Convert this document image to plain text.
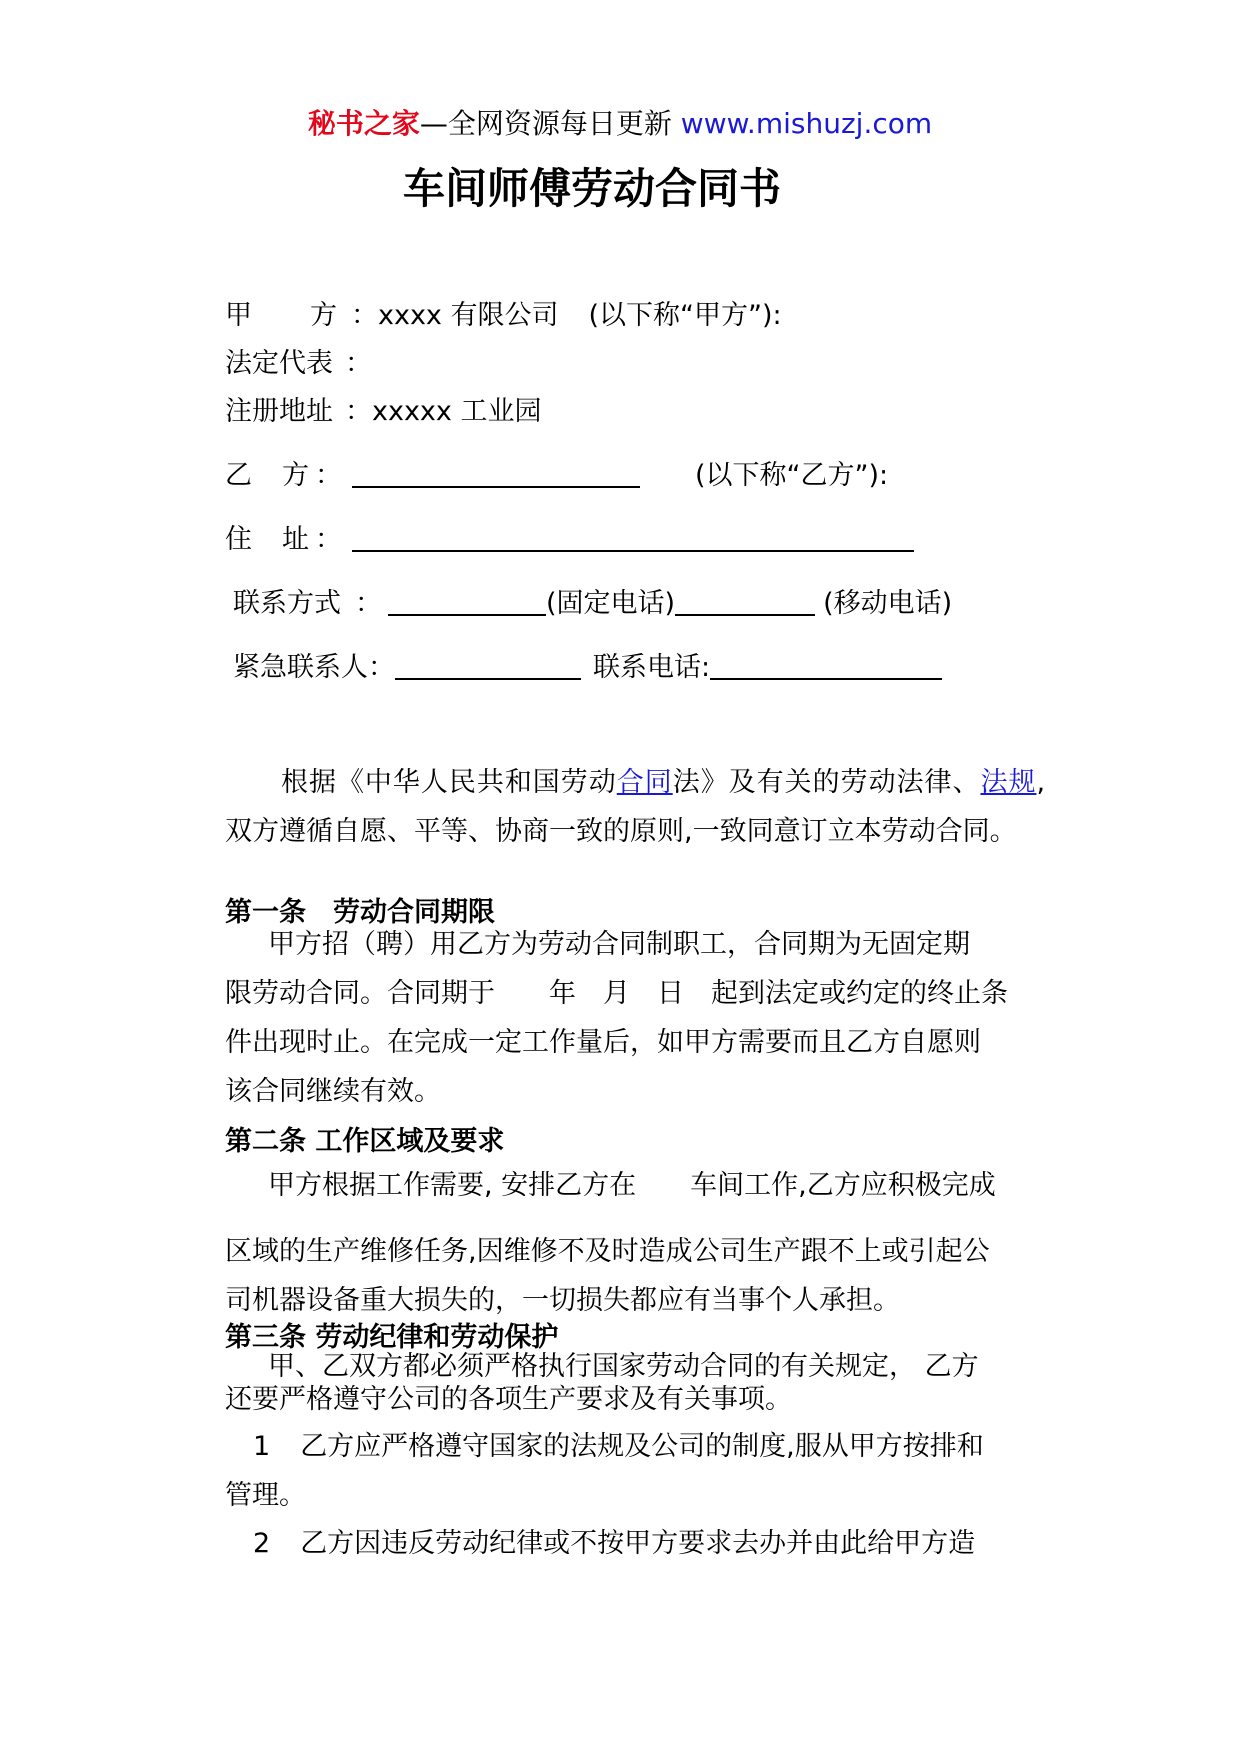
秘书之家—全网资源每日更新 www.mishuzj.com
车间师傅劳动合同书
甲 方 ：xxxx 有限公司 (以下称“甲方”):
法定代表 ：
注册地址 ：xxxxx 工业园
乙 方 ：	(以下称“乙方”):
住 址 ：
联系方式 ：	(固定电话)	(移动电话)
紧急联系人：	联系电话:
根据《中华人民共和国劳动合同法》及有关的劳动法律、法规, 双方遵循自愿、平等、协商一致的原则,一致同意订立本劳动合同。
第一条　劳动合同期限
甲方招（聘）用乙方为劳动合同制职工，合同期为无固定期
限劳动合同。合同期于　　年　月　日　起到法定或约定的终止条
件出现时止。在完成一定工作量后，如甲方需要而且乙方自愿则
该合同继续有效。
第二条 工作区域及要求
甲方根据工作需要, 安排乙方在　　车间工作,乙方应积极完成
区域的生产维修任务,因维修不及时造成公司生产跟不上或引起公
司机器设备重大损失的，一切损失都应有当事个人承担。
第三条 劳动纪律和劳动保护
甲、乙双方都必须严格执行国家劳动合同的有关规定， 乙方
还要严格遵守公司的各项生产要求及有关事项。
1 乙方应严格遵守国家的法规及公司的制度,服从甲方按排和
管理。
2 乙方因违反劳动纪律或不按甲方要求去办并由此给甲方造
